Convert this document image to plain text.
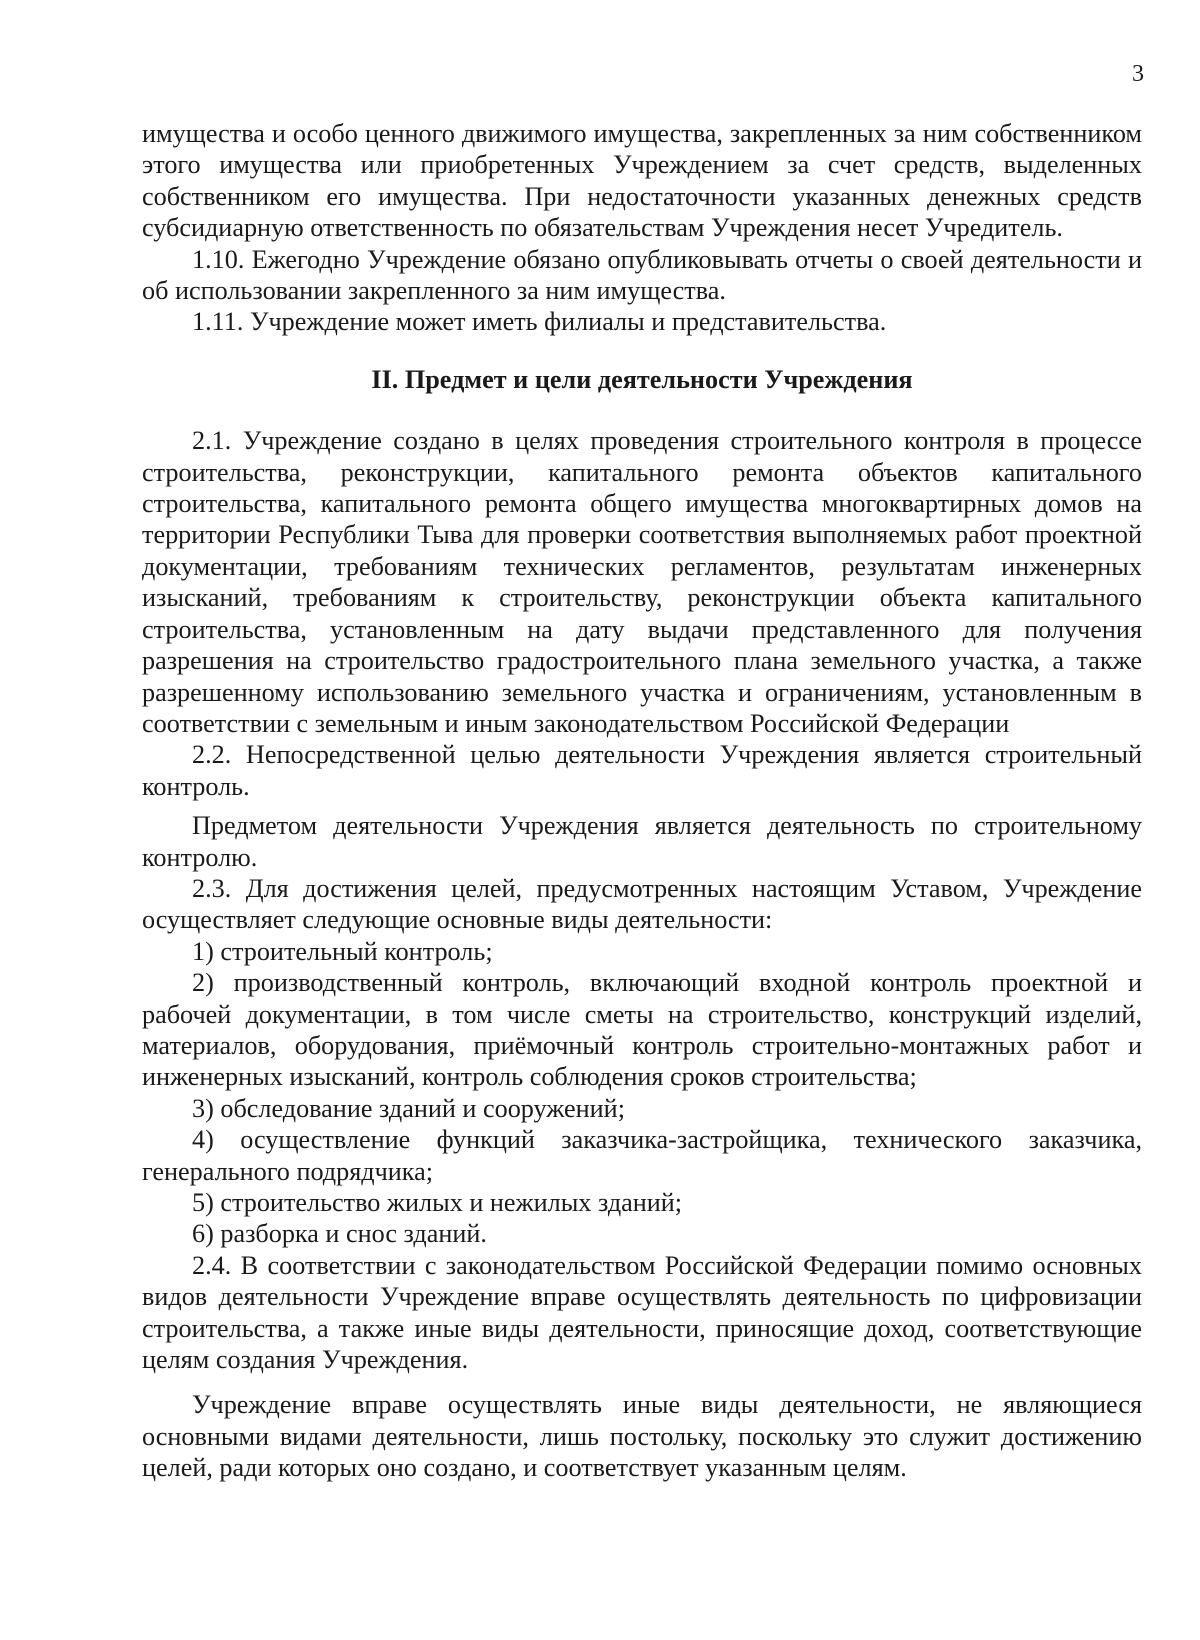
3

имущества и особо ценного движимого имущества, закрепленных за ним собственником этого имущества или приобретенных Учреждением за счет средств, выделенных собственником его имущества. При недостаточности указанных денежных средств субсидиарную ответственность по обязательствам Учреждения несет Учредитель.

1.10. Ежегодно Учреждение обязано опубликовывать отчеты о своей деятельности и об использовании закрепленного за ним имущества.

1.11. Учреждение может иметь филиалы и представительства.

II. Предмет и цели деятельности Учреждения

2.1. Учреждение создано в целях проведения строительного контроля в процессе строительства, реконструкции, капитального ремонта объектов капитального строительства, капитального ремонта общего имущества многоквартирных домов на территории Республики Тыва для проверки соответствия выполняемых работ проектной документации, требованиям технических регламентов, результатам инженерных изысканий, требованиям к строительству, реконструкции объекта капитального строительства, установленным на дату выдачи представленного для получения разрешения на строительство градостроительного плана земельного участка, а также разрешенному использованию земельного участка и ограничениям, установленным в соответствии с земельным и иным законодательством Российской Федерации

2.2. Непосредственной целью деятельности Учреждения является строительный контроль.

Предметом деятельности Учреждения является деятельность по строительному контролю.

2.3. Для достижения целей, предусмотренных настоящим Уставом, Учреждение осуществляет следующие основные виды деятельности:

1) строительный контроль;

2) производственный контроль, включающий входной контроль проектной и рабочей документации, в том числе сметы на строительство, конструкций изделий, материалов, оборудования, приёмочный контроль строительно-монтажных работ и инженерных изысканий, контроль соблюдения сроков строительства;

3) обследование зданий и сооружений;

4) осуществление функций заказчика-застройщика, технического заказчика, генерального подрядчика;

5) строительство жилых и нежилых зданий;

6) разборка и снос зданий.

2.4. В соответствии с законодательством Российской Федерации помимо основных видов деятельности Учреждение вправе осуществлять деятельность по цифровизации строительства, а также иные виды деятельности, приносящие доход, соответствующие целям создания Учреждения.

Учреждение вправе осуществлять иные виды деятельности, не являющиеся основными видами деятельности, лишь постольку, поскольку это служит достижению целей, ради которых оно создано, и соответствует указанным целям.
